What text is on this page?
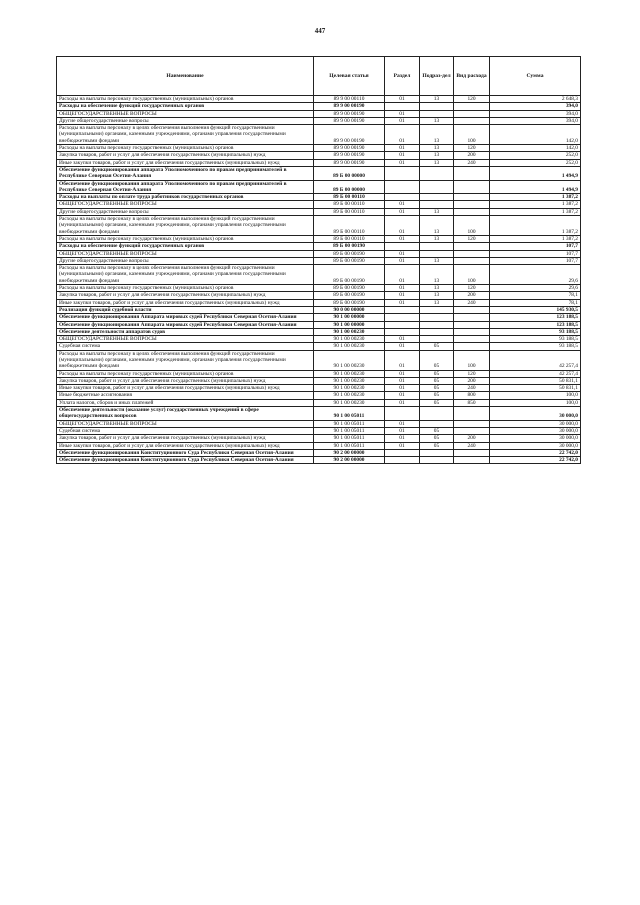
447
Наименование	Целевая статья	Раздел	Подраз-дел	Вид расхода	Сумма
Расходы на выплаты персоналу государственных (муниципальных) органов	89 9 00 00110	01	13	120	2 648,3
Расходы на обеспечение функций государственных органов	89 9 00 00190				394,0
ОБЩЕГОСУДАРСТВЕННЫЕ ВОПРОСЫ	89 9 00 00190	01			394,0
Другие общегосударственные вопросы	89 9 00 00190	01	13		394,0
Расходы на выплаты персоналу в целях обеспечения выполнения функций государственными (муниципальными) органами, казенными учреждениями, органами управления государственными внебюджетными фондами	89 9 00 00190	01	13	100	142,0
Расходы на выплаты персоналу государственных (муниципальных) органов	89 9 00 00190	01	13	120	142,0
Закупка товаров, работ и услуг для обеспечения государственных (муниципальных) нужд	89 9 00 00190	01	13	200	252,0
Иные закупки товаров, работ и услуг для обеспечения государственных (муниципальных) нужд	89 9 00 00190	01	13	240	252,0
Обеспечение функционирования аппарата Уполномоченного по правам предпринимателей в Республике Северная Осетия-Алания	89 Б 00 00000				1 494,9
Обеспечение функционирования аппарата Уполномоченного по правам предпринимателей в Республике Северная Осетия-Алания	89 Б 00 00000				1 494,9
Расходы на выплаты по оплате труда работников государственных органов	89 Б 00 00110				1 387,2
ОБЩЕГОСУДАРСТВЕННЫЕ ВОПРОСЫ	89 Б 00 00110	01			1 387,2
Другие общегосударственные вопросы	89 Б 00 00110	01	13		1 387,2
Расходы на выплаты персоналу в целях обеспечения выполнения функций государственными (муниципальными) органами, казенными учреждениями, органами управления государственными внебюджетными фондами	89 Б 00 00110	01	13	100	1 387,2
Расходы на выплаты персоналу государственных (муниципальных) органов	89 Б 00 00110	01	13	120	1 387,2
Расходы на обеспечение функций государственных органов	89 Б 00 00190				107,7
ОБЩЕГОСУДАРСТВЕННЫЕ ВОПРОСЫ	89 Б 00 00190	01			107,7
Другие общегосударственные вопросы	89 Б 00 00190	01	13		107,7
Расходы на выплаты персоналу в целях обеспечения выполнения функций государственными (муниципальными) органами, казенными учреждениями, органами управления государственными внебюджетными фондами	89 Б 00 00190	01	13	100	29,6
Расходы на выплаты персоналу государственных (муниципальных) органов	89 Б 00 00190	01	13	120	29,6
Закупка товаров, работ и услуг для обеспечения государственных (муниципальных) нужд	89 Б 00 00190	01	13	200	78,1
Иные закупки товаров, работ и услуг для обеспечения государственных (муниципальных) нужд	89 Б 00 00190	01	13	240	78,1
Реализация функций судебной власти	90 0 00 00000				145 930,5
Обеспечение функционирования Аппарата мировых судей Республики Северная Осетия-Алания	90 1 00 00000				123 188,5
Обеспечение функционирования Аппарата мировых судей Республики Северная Осетия-Алания	90 1 00 00000				123 188,5
Обеспечение деятельности аппаратов судов	90 1 00 00230				93 188,5
ОБЩЕГОСУДАРСТВЕННЫЕ ВОПРОСЫ	90 1 00 00230	01			93 188,5
Судебная система	90 1 00 00230	01	05		93 188,5
Расходы на выплаты персоналу в целях обеспечения выполнения функций государственными (муниципальными) органами, казенными учреждениями, органами управления государственными внебюджетными фондами	90 1 00 00230	01	05	100	42 257,4
Расходы на выплаты персоналу государственных (муниципальных) органов	90 1 00 00230	01	05	120	42 257,4
Закупка товаров, работ и услуг для обеспечения государственных (муниципальных) нужд	90 1 00 00230	01	05	200	50 831,1
Иные закупки товаров, работ и услуг для обеспечения государственных (муниципальных) нужд	90 1 00 00230	01	05	240	50 831,1
Иные бюджетные ассигнования	90 1 00 00230	01	05	800	100,0
Уплата налогов, сборов и иных платежей	90 1 00 00230	01	05	850	100,0
Обеспечение деятельности (оказание услуг) государственных учреждений в сфере общегосударственных вопросов	90 1 00 05011				30 000,0
ОБЩЕГОСУДАРСТВЕННЫЕ ВОПРОСЫ	90 1 00 05011	01			30 000,0
Судебная система	90 1 00 05011	01	05		30 000,0
Закупка товаров, работ и услуг для обеспечения государственных (муниципальных) нужд	90 1 00 05011	01	05	200	30 000,0
Иные закупки товаров, работ и услуг для обеспечения государственных (муниципальных) нужд	90 1 00 05011	01	05	240	30 000,0
Обеспечение функционирования Конституционного Суда Республики Северная Осетия-Алания	90 2 00 00000				22 742,0
Обеспечение функционирования Конституционного Суда Республики Северная Осетия-Алания	90 2 00 00000				22 742,0
